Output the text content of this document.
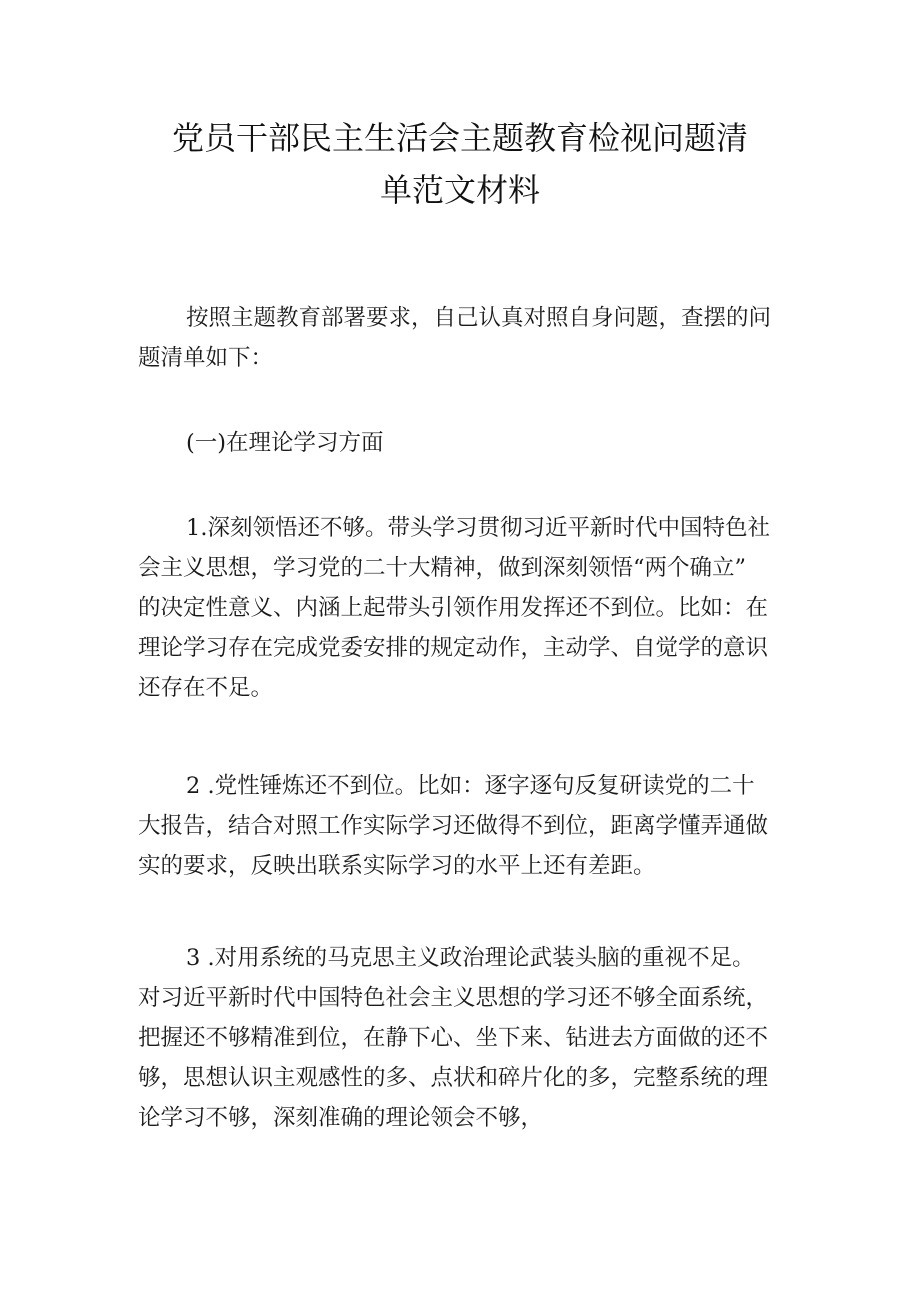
党员干部民主生活会主题教育检视问题清
单范文材料
按照主题教育部署要求，自己认真对照自身问题，查摆的问
题清单如下：
(一)在理论学习方面
1.深刻领悟还不够。带头学习贯彻习近平新时代中国特色社
会主义思想，学习党的二十大精神，做到深刻领悟“两个确立”
的决定性意义、内涵上起带头引领作用发挥还不到位。比如：在
理论学习存在完成党委安排的规定动作，主动学、自觉学的意识
还存在不足。
2 .党性锤炼还不到位。比如：逐字逐句反复研读党的二十
大报告，结合对照工作实际学习还做得不到位，距离学懂弄通做
实的要求，反映出联系实际学习的水平上还有差距。
3 .对用系统的马克思主义政治理论武装头脑的重视不足。
对习近平新时代中国特色社会主义思想的学习还不够全面系统，
把握还不够精准到位，在静下心、坐下来、钻进去方面做的还不
够，思想认识主观感性的多、点状和碎片化的多，完整系统的理
论学习不够，深刻准确的理论领会不够，
